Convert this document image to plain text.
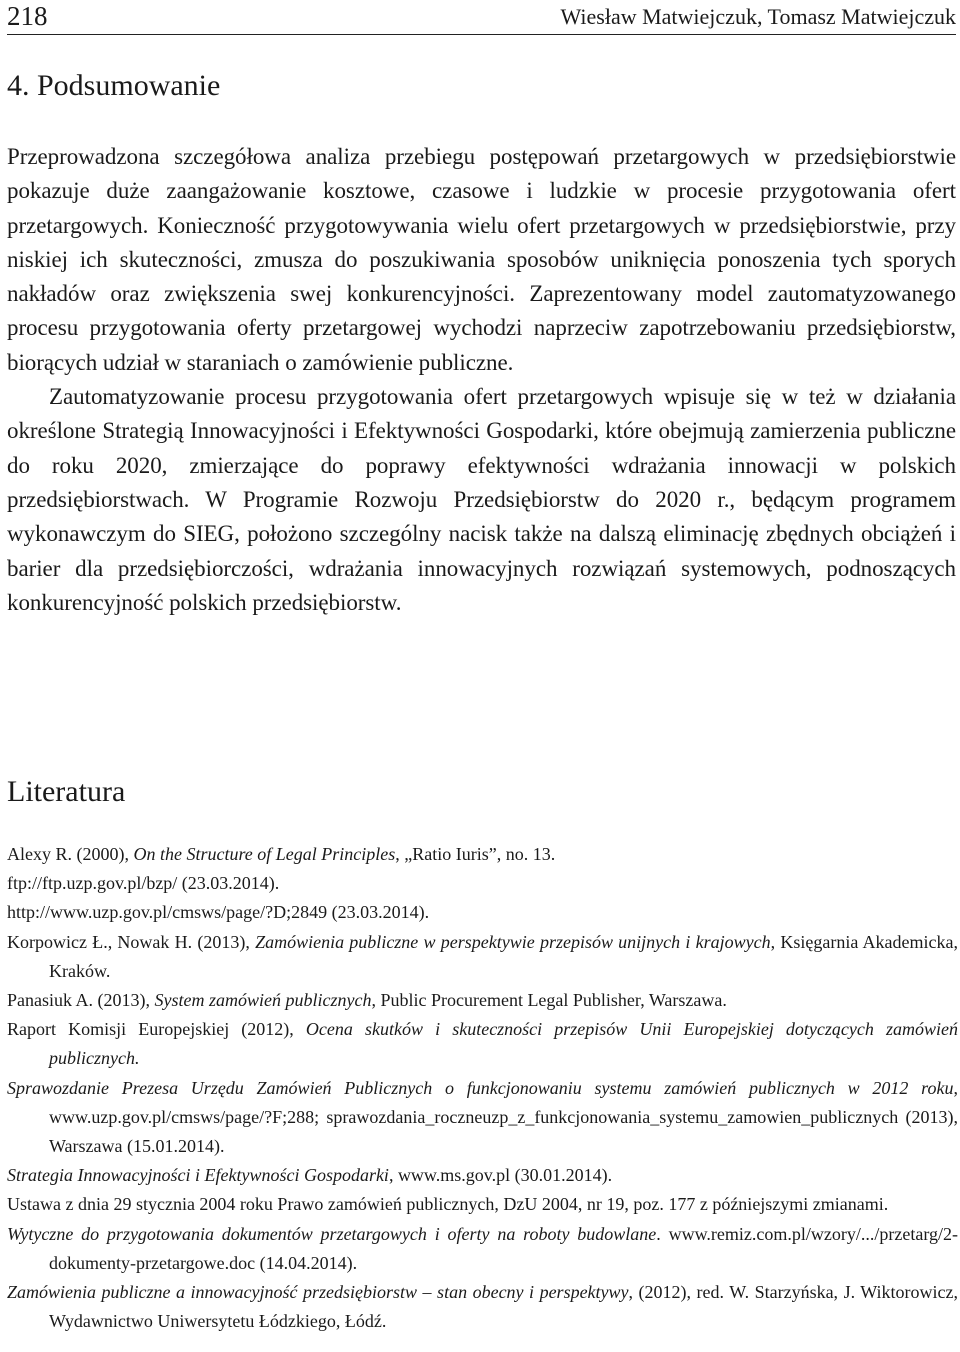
218	Wiesław Matwiejczuk, Tomasz Matwiejczuk
4. Podsumowanie

Przeprowadzona szczegółowa analiza przebiegu postępowań przetargowych w przedsiębiorstwie pokazuje duże zaangażowanie kosztowe, czasowe i ludzkie w procesie przygotowania ofert przetargowych. Konieczność przygotowywania wielu ofert przetargowych w przedsiębiorstwie, przy niskiej ich skuteczności, zmusza do poszukiwania sposobów uniknięcia ponoszenia tych sporych nakładów oraz zwiększenia swej konkurencyjności. Zaprezentowany model zautomatyzowanego procesu przygotowania oferty przetargowej wychodzi naprzeciw zapotrzebowaniu przedsiębiorstw, biorących udział w staraniach o zamówienie publiczne.

Zautomatyzowanie procesu przygotowania ofert przetargowych wpisuje się w też w działania określone Strategią Innowacyjności i Efektywności Gospodarki, które obejmują zamierzenia publiczne do roku 2020, zmierzające do poprawy efektywności wdrażania innowacji w polskich przedsiębiorstwach. W Programie Rozwoju Przedsiębiorstw do 2020 r., będącym programem wykonawczym do SIEG, położono szczególny nacisk także na dalszą eliminację zbędnych obciążeń i barier dla przedsiębiorczości, wdrażania innowacyjnych rozwiązań systemowych, podnoszących konkurencyjność polskich przedsiębiorstw.

Literatura
Alexy R. (2000), On the Structure of Legal Principles, „Ratio Iuris”, no. 13.
ftp://ftp.uzp.gov.pl/bzp/ (23.03.2014).
http://www.uzp.gov.pl/cmsws/page/?D;2849 (23.03.2014).
Korpowicz Ł., Nowak H. (2013), Zamówienia publiczne w perspektywie przepisów unijnych i krajowych, Księgarnia Akademicka, Kraków.
Panasiuk A. (2013), System zamówień publicznych, Public Procurement Legal Publisher, Warszawa.
Raport Komisji Europejskiej (2012), Ocena skutków i skuteczności przepisów Unii Europejskiej dotyczących zamówień publicznych.
Sprawozdanie Prezesa Urzędu Zamówień Publicznych o funkcjonowaniu systemu zamówień publicznych w 2012 roku, www.uzp.gov.pl/cmsws/page/?F;288; sprawozdania_roczneuzp_z_funkcjonowania_systemu_zamowien_publicznych (2013), Warszawa (15.01.2014).
Strategia Innowacyjności i Efektywności Gospodarki, www.ms.gov.pl (30.01.2014).
Ustawa z dnia 29 stycznia 2004 roku Prawo zamówień publicznych, DzU 2004, nr 19, poz. 177 z późniejszymi zmianami.
Wytyczne do przygotowania dokumentów przetargowych i oferty na roboty budowlane. www.remiz.com.pl/wzory/.../przetarg/2-dokumenty-przetargowe.doc (14.04.2014).
Zamówienia publiczne a innowacyjność przedsiębiorstw – stan obecny i perspektywy, (2012), red. W. Starzyńska, J. Wiktorowicz, Wydawnictwo Uniwersytetu Łódzkiego, Łódź.
